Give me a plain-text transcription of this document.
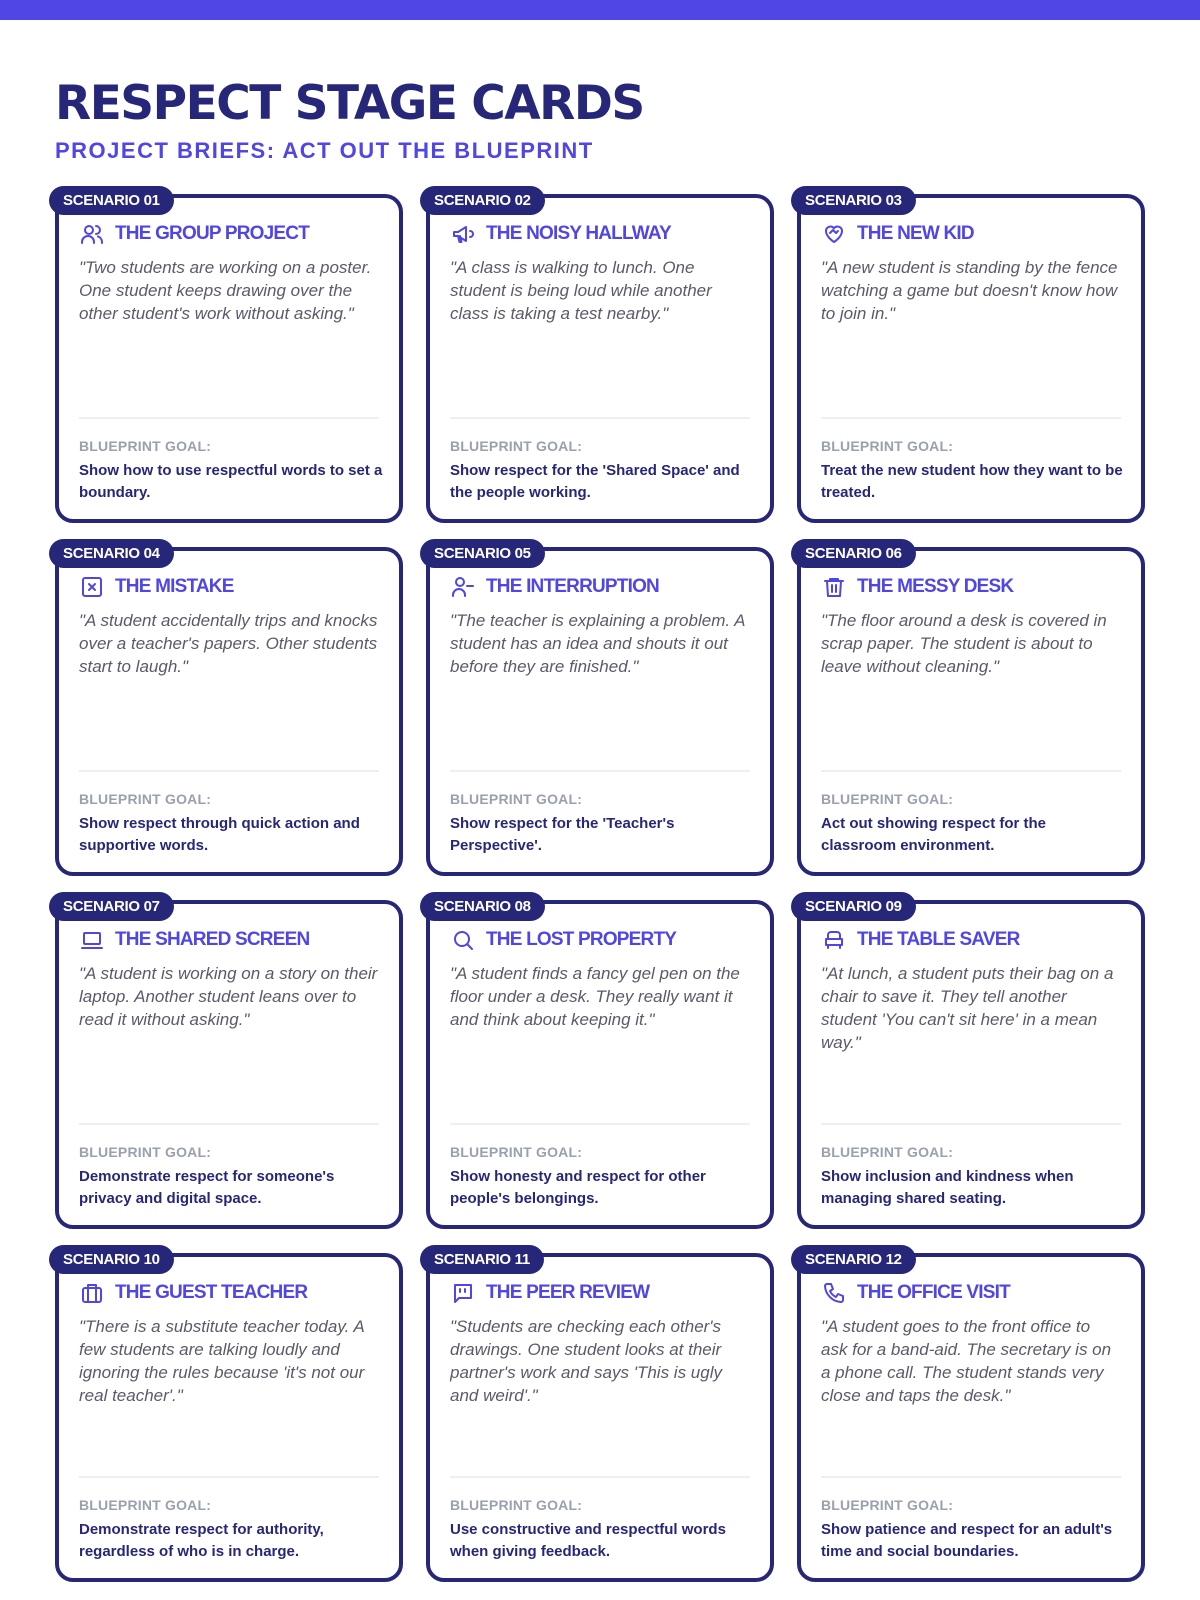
RESPECT STAGE CARDS
PROJECT BRIEFS: ACT OUT THE BLUEPRINT
SCENARIO 01
THE GROUP PROJECT

"Two students are working on a poster. One student keeps drawing over the other student's work without asking."

BLUEPRINT GOAL:
Show how to use respectful words to set a boundary.
SCENARIO 02
THE NOISY HALLWAY

"A class is walking to lunch. One student is being loud while another class is taking a test nearby."

BLUEPRINT GOAL:
Show respect for the 'Shared Space' and the people working.
SCENARIO 03
THE NEW KID

"A new student is standing by the fence watching a game but doesn't know how to join in."

BLUEPRINT GOAL:
Treat the new student how they want to be treated.
SCENARIO 04
THE MISTAKE

"A student accidentally trips and knocks over a teacher's papers. Other students start to laugh."

BLUEPRINT GOAL:
Show respect through quick action and supportive words.
SCENARIO 05
THE INTERRUPTION

"The teacher is explaining a problem. A student has an idea and shouts it out before they are finished."

BLUEPRINT GOAL:
Show respect for the 'Teacher's Perspective'.
SCENARIO 06
THE MESSY DESK

"The floor around a desk is covered in scrap paper. The student is about to leave without cleaning."

BLUEPRINT GOAL:
Act out showing respect for the classroom environment.
SCENARIO 07
THE SHARED SCREEN

"A student is working on a story on their laptop. Another student leans over to read it without asking."

BLUEPRINT GOAL:
Demonstrate respect for someone's privacy and digital space.
SCENARIO 08
THE LOST PROPERTY

"A student finds a fancy gel pen on the floor under a desk. They really want it and think about keeping it."

BLUEPRINT GOAL:
Show honesty and respect for other people's belongings.
SCENARIO 09
THE TABLE SAVER

"At lunch, a student puts their bag on a chair to save it. They tell another student 'You can't sit here' in a mean way."

BLUEPRINT GOAL:
Show inclusion and kindness when managing shared seating.
SCENARIO 10
THE GUEST TEACHER

"There is a substitute teacher today. A few students are talking loudly and ignoring the rules because 'it's not our real teacher'."

BLUEPRINT GOAL:
Demonstrate respect for authority, regardless of who is in charge.
SCENARIO 11
THE PEER REVIEW

"Students are checking each other's drawings. One student looks at their partner's work and says 'This is ugly and weird'."

BLUEPRINT GOAL:
Use constructive and respectful words when giving feedback.
SCENARIO 12
THE OFFICE VISIT

"A student goes to the front office to ask for a band-aid. The secretary is on a phone call. The student stands very close and taps the desk."

BLUEPRINT GOAL:
Show patience and respect for an adult's time and social boundaries.
